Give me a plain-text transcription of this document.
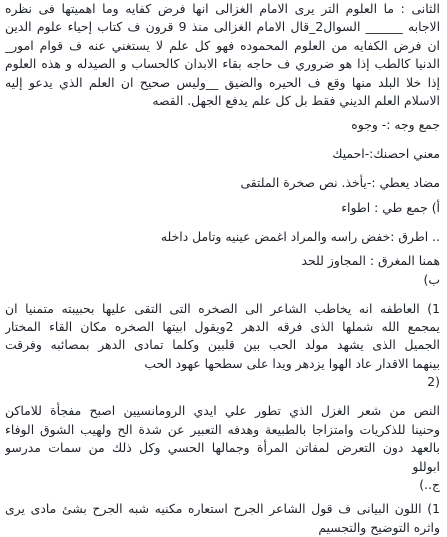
الثانى : ما العلوم التر يرى الامام الغزالى انها فرض كفايه وما اهميتها فى نظره
الاجابه ______ السوال2_قال الامام الغزالى منذ 9 قرون ف كتاب إحياء علوم الدين
ان فرض الكفايه من العلوم المحموده فهو كل علم لا يستغني عنه ف قوام امور_
الدنيا كالطب إذا هو ضروري ف حاجه بقاء الابدان كالحساب و الصيدله و هذه العلوم
إذا خلا البلد منها وقع ف الحيره والضيق __وليس صحيح ان العلم الذي يدعو إليه
الاسلام العلم الديني فقط بل كل علم يدفع الجهل. القصه
جمع وجه :- وجوه
معني احصنك:-احميك
مضاد يعطي :-يأخذ. نص صخرة الملتقى
أ) جمع طي : اطواء
.. اطرق :خفض راسه والمراد اغمض عينيه وتامل داخله
همنا المغرق : المجاوز للحد
ب)
1) العاطفه انه يخاطب الشاعر الى الصخره التى التقى عليها بحبيبته متمنيا ان
يمجمع الله شملها الذى فرقه الدهر 2ويقول ابيتها الصخره مكان القاء المختار
الجميل الذى يشهد مولد الحب بين قلبين وكلما تمادى الدهر بمصائبه وفرقت
بينهما الاقدار عاد الهوا يزدهر ويدا على سطحها عهود الحب
2)
النص من شعر الغزل الذي تطور علي ايدي الرومانسيين اصبح مفجأة للاماكن
وحنينا للذكريات وامتزاجا بالطبيعة وهدفه التعبير عن شدة الح ولهيب الشوق الوفاء
بالعهد دون التعرض لمفاتن المرأة وجمالها الحسي وكل ذلك من سمات مدرسو
ابوللو
ج..)
1) اللون البيانى ف قول الشاعر الجرح استعاره مكنيه شبه الجرح بشئ مادى يرى
واثره التوضيح والتجسيم
